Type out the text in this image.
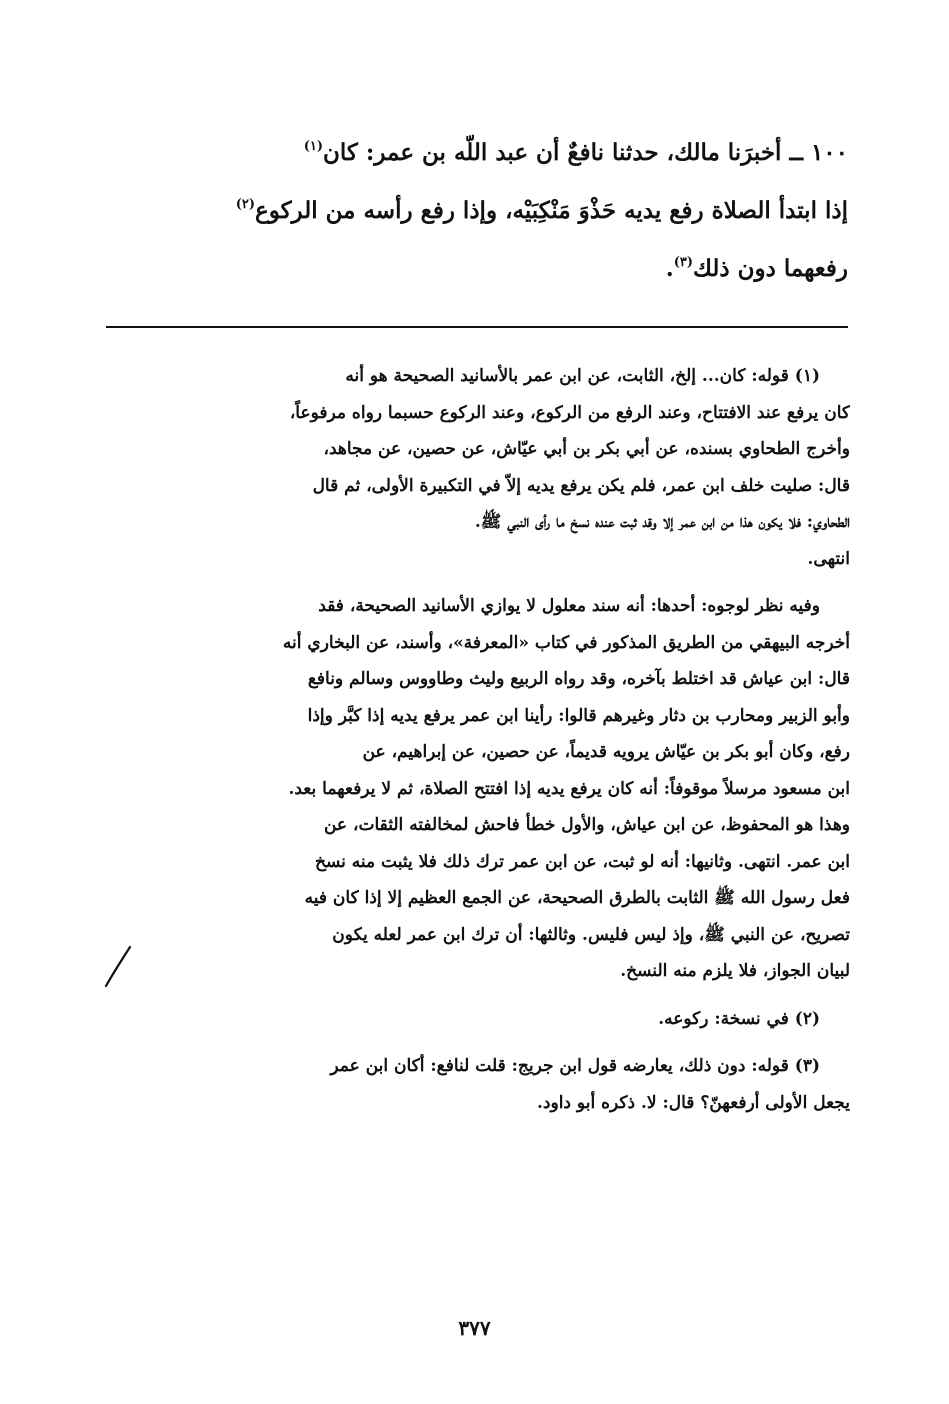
١٠٠ ــ أخبرَنا مالك، حدثنا نافعٌ أن عبد اللّه بن عمر: كان$^{(١)}$
إذا ابتدأ الصلاة رفع يديه حَذْوَ مَنْكِبَيْه، وإذا رفع رأسه من الركوع$^{(٢)}$
رفعهما دون ذلك$^{(٣)}$.
(١) قوله: كان... إلخ، الثابت، عن ابن عمر بالأسانيد الصحيحة هو أنه
كان يرفع عند الافتتاح، وعند الرفع من الركوع، وعند الركوع حسبما رواه مرفوعاً،
وأخرج الطحاوي بسنده، عن أبي بكر بن أبي عيّاش، عن حصين، عن مجاهد،
قال: صليت خلف ابن عمر، فلم يكن يرفع يديه إلاّ في التكبيرة الأولى، ثم قال
الطحاوي: فلا يكون هذا من ابن عمر إلا وقد ثبت عنده نسخ ما رأى النبي ﷺ.
انتهى.
وفيه نظر لوجوه: أحدها: أنه سند معلول لا يوازي الأسانيد الصحيحة، فقد
أخرجه البيهقي من الطريق المذكور في كتاب «المعرفة»، وأسند، عن البخاري أنه
قال: ابن عياش قد اختلط بآخره، وقد رواه الربيع وليث وطاووس وسالم ونافع
وأبو الزبير ومحارب بن دثار وغيرهم قالوا: رأينا ابن عمر يرفع يديه إذا كبَّر وإذا
رفع، وكان أبو بكر بن عيّاش يرويه قديماً، عن حصين، عن إبراهيم، عن
ابن مسعود مرسلاً موقوفاً: أنه كان يرفع يديه إذا افتتح الصلاة، ثم لا يرفعهما بعد.
وهذا هو المحفوظ، عن ابن عياش، والأول خطأ فاحش لمخالفته الثقات، عن
ابن عمر. انتهى. وثانيها: أنه لو ثبت، عن ابن عمر ترك ذلك فلا يثبت منه نسخ
فعل رسول الله ﷺ الثابت بالطرق الصحيحة، عن الجمع العظيم إلا إذا كان فيه
تصريح، عن النبي ﷺ، وإذ ليس فليس. وثالثها: أن ترك ابن عمر لعله يكون
لبيان الجواز، فلا يلزم منه النسخ.
(٢) في نسخة: ركوعه.
(٣) قوله: دون ذلك، يعارضه قول ابن جريج: قلت لنافع: أكان ابن عمر
يجعل الأولى أرفعهنّ؟ قال: لا. ذكره أبو داود.
٣٧٧
